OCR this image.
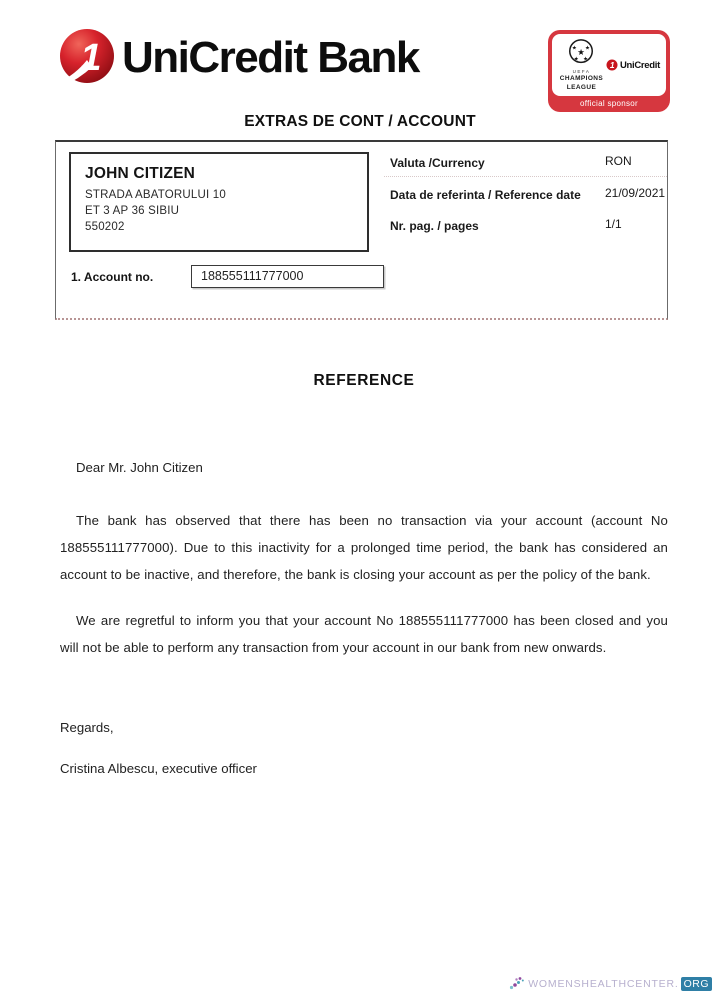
1 UniCredit Bank	★
★ ★
★ ★
UEFA
CHAMPIONS
LEAGUE
1 UniCredit
official sponsor
EXTRAS DE CONT / ACCOUNT
JOHN CITIZEN
STRADA ABATORULUI 10
ET 3 AP 36 SIBIU
550202
Valuta /Currency	RON
Data de referinta / Reference date 21/09/2021
Nr. pag. / pages	1/1
1. Account no.	188555111777000
REFERENCE
Dear Mr. John Citizen
The bank has observed that there has been no transaction via your account (account No 188555111777000). Due to this inactivity for a prolonged time period, the bank has considered an account to be inactive, and therefore, the bank is closing your account as per the policy of the bank.
We are regretful to inform you that your account No 188555111777000 has been closed and you will not be able to perform any transaction from your account in our bank from new onwards.
Regards,
Cristina Albescu, executive officer
WOMENSHEALTHCENTER. ORG
